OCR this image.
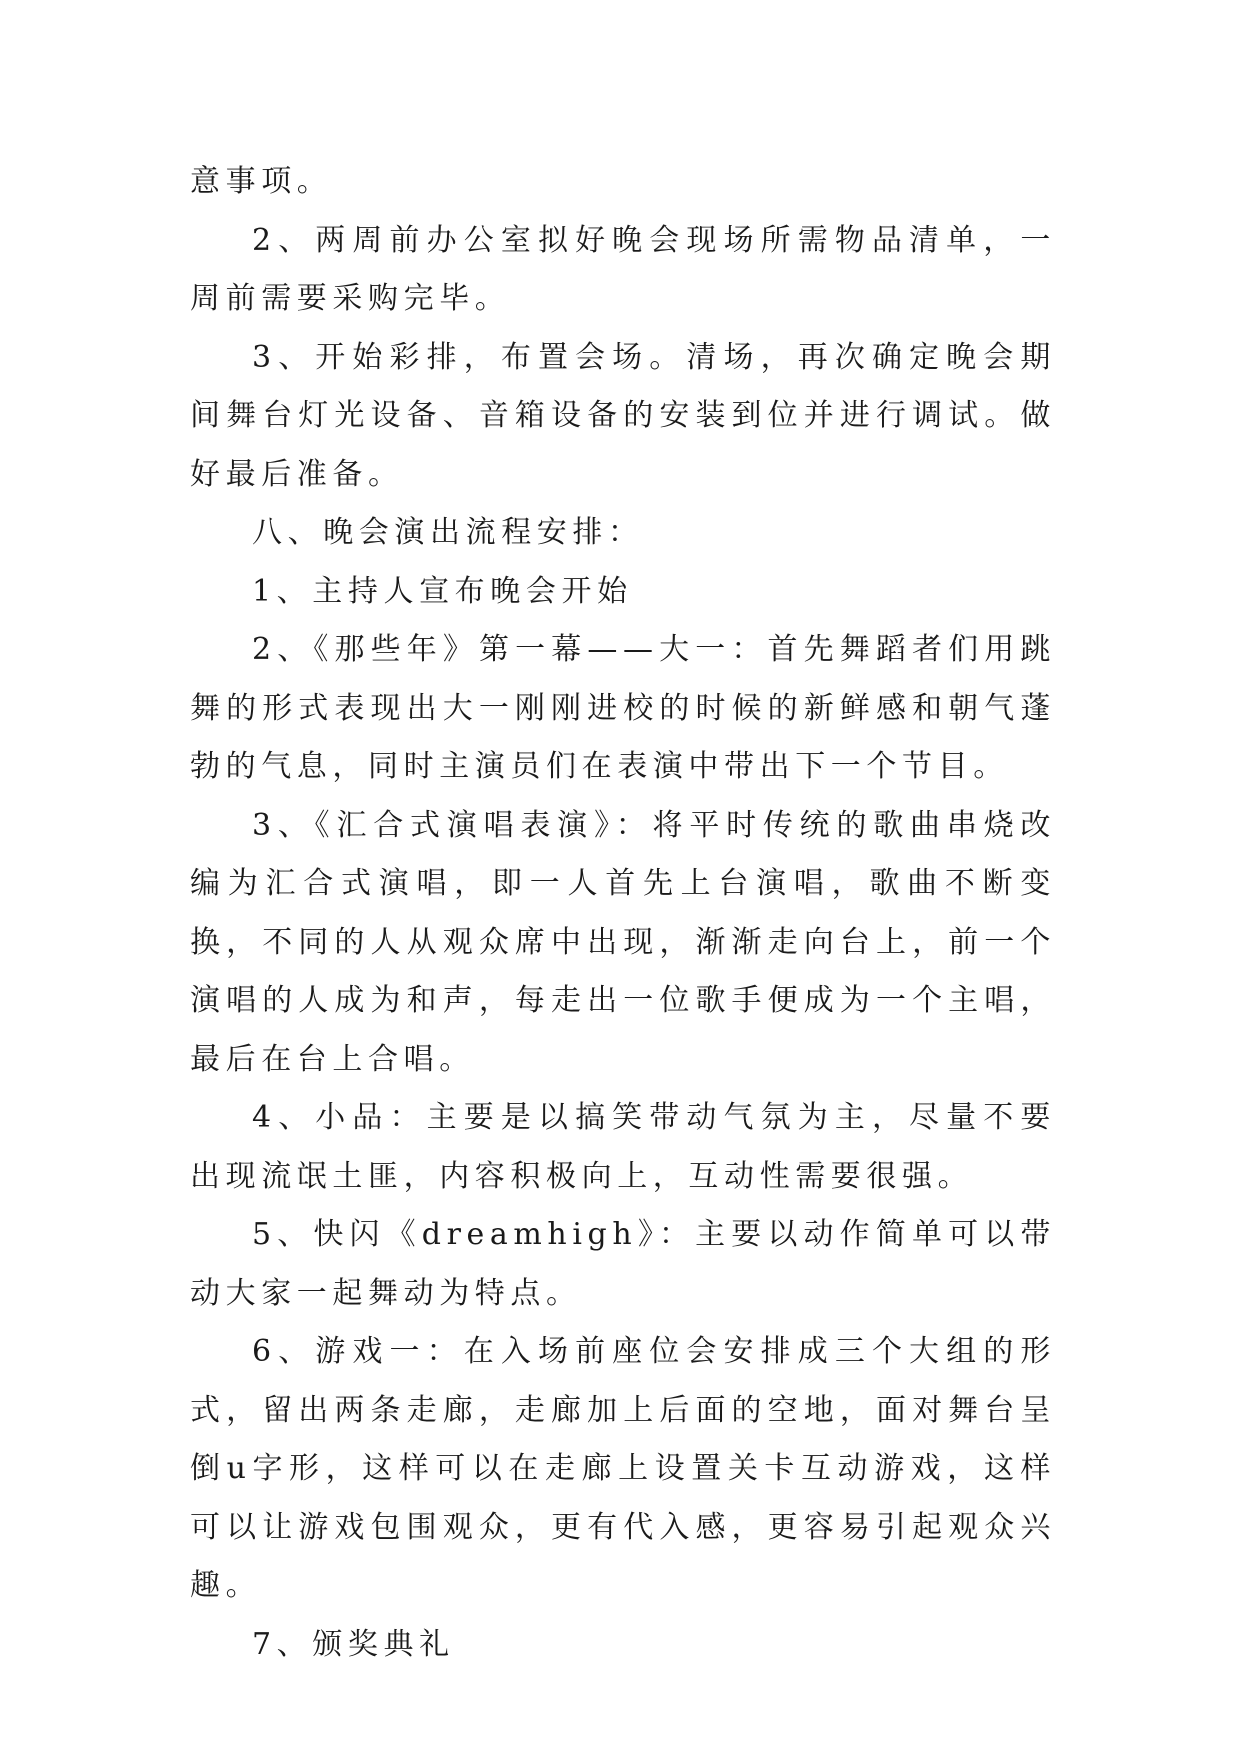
意事项。

2、两周前办公室拟好晚会现场所需物品清单，一周前需要采购完毕。

3、开始彩排，布置会场。清场，再次确定晚会期间舞台灯光设备、音箱设备的安装到位并进行调试。做好最后准备。

八、晚会演出流程安排：

1、主持人宣布晚会开始

2、《那些年》第一幕——大一：首先舞蹈者们用跳舞的形式表现出大一刚刚进校的时候的新鲜感和朝气蓬勃的气息，同时主演员们在表演中带出下一个节目。

3、《汇合式演唱表演》：将平时传统的歌曲串烧改编为汇合式演唱，即一人首先上台演唱，歌曲不断变换，不同的人从观众席中出现，渐渐走向台上，前一个演唱的人成为和声，每走出一位歌手便成为一个主唱，最后在台上合唱。

4、小品：主要是以搞笑带动气氛为主，尽量不要出现流氓土匪，内容积极向上，互动性需要很强。

5、快闪《dreamhigh》：主要以动作简单可以带动大家一起舞动为特点。

6、游戏一：在入场前座位会安排成三个大组的形式，留出两条走廊，走廊加上后面的空地，面对舞台呈倒u字形，这样可以在走廊上设置关卡互动游戏，这样可以让游戏包围观众，更有代入感，更容易引起观众兴趣。

7、颁奖典礼
